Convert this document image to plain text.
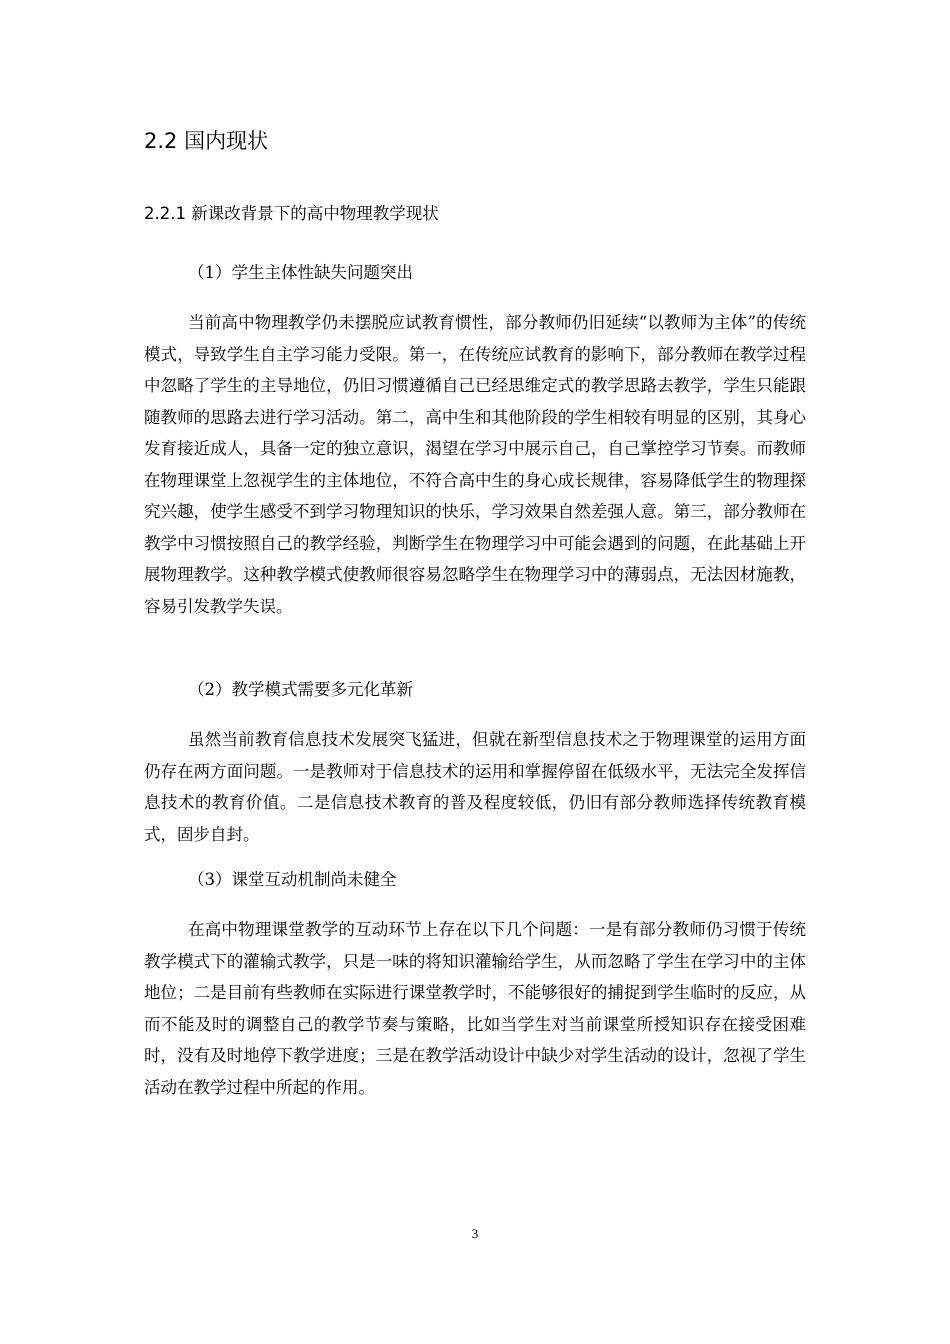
2.2 国内现状
2.2.1 新课改背景下的高中物理教学现状
（1）学生主体性缺失问题突出

当前高中物理教学仍未摆脱应试教育惯性，部分教师仍旧延续“以教师为主体”的传统模式，导致学生自主学习能力受限。第一，在传统应试教育的影响下，部分教师在教学过程中忽略了学生的主导地位，仍旧习惯遵循自己已经思维定式的教学思路去教学，学生只能跟随教师的思路去进行学习活动。第二，高中生和其他阶段的学生相较有明显的区别，其身心发育接近成人，具备一定的独立意识，渴望在学习中展示自己，自己掌控学习节奏。而教师在物理课堂上忽视学生的主体地位，不符合高中生的身心成长规律，容易降低学生的物理探究兴趣，使学生感受不到学习物理知识的快乐，学习效果自然差强人意。第三，部分教师在教学中习惯按照自己的教学经验，判断学生在物理学习中可能会遇到的问题，在此基础上开展物理教学。这种教学模式使教师很容易忽略学生在物理学习中的薄弱点，无法因材施教，容易引发教学失误。

（2）教学模式需要多元化革新

虽然当前教育信息技术发展突飞猛进，但就在新型信息技术之于物理课堂的运用方面仍存在两方面问题。一是教师对于信息技术的运用和掌握停留在低级水平，无法完全发挥信息技术的教育价值。二是信息技术教育的普及程度较低，仍旧有部分教师选择传统教育模式，固步自封。

（3）课堂互动机制尚未健全

在高中物理课堂教学的互动环节上存在以下几个问题：一是有部分教师仍习惯于传统教学模式下的灌输式教学，只是一味的将知识灌输给学生，从而忽略了学生在学习中的主体地位；二是目前有些教师在实际进行课堂教学时，不能够很好的捕捉到学生临时的反应，从而不能及时的调整自己的教学节奏与策略，比如当学生对当前课堂所授知识存在接受困难时，没有及时地停下教学进度；三是在教学活动设计中缺少对学生活动的设计，忽视了学生活动在教学过程中所起的作用。

3
